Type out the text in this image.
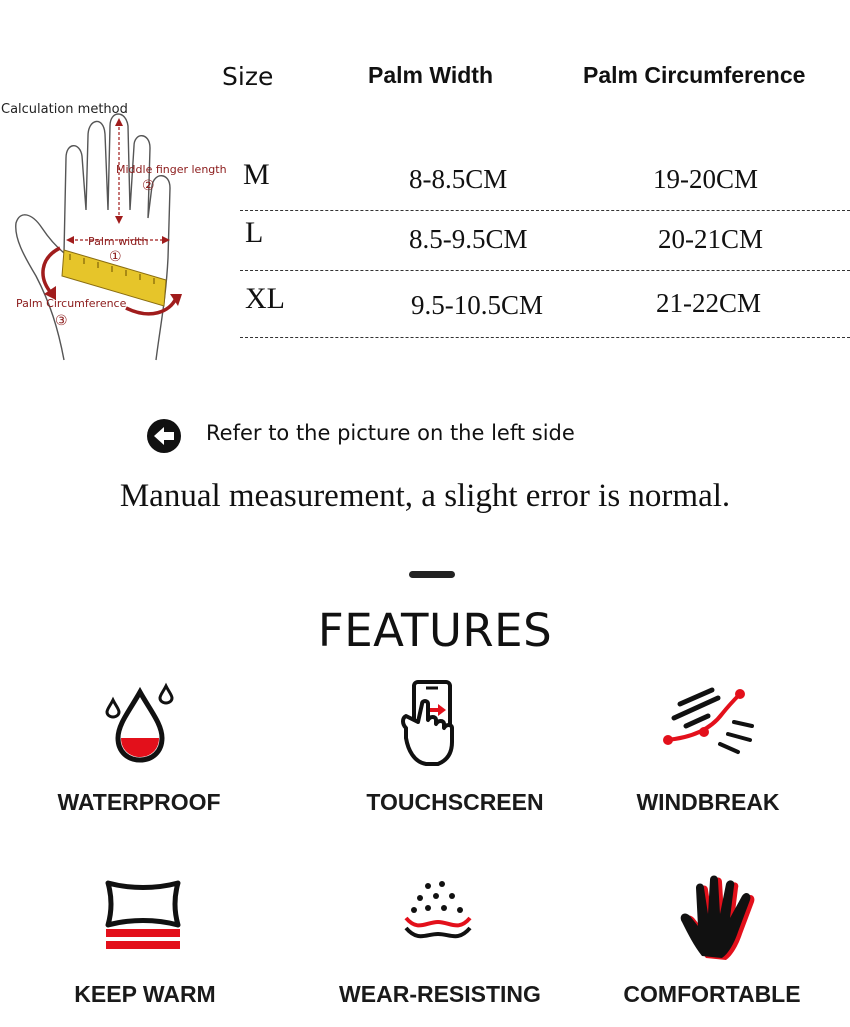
Size	Palm Width	Palm Circumference
M	8-8.5CM	19-20CM
L	8.5-9.5CM	20-21CM
XL	9.5-10.5CM	21-22CM
Calculation method
Middle finger length
②
Palm width
①
Palm Circumference
③
Refer to the picture on the left side
Manual measurement, a slight error is normal.
FEATURES
WATERPROOF	TOUCHSCREEN	WINDBREAK
KEEP WARM	WEAR-RESISTING	COMFORTABLE
